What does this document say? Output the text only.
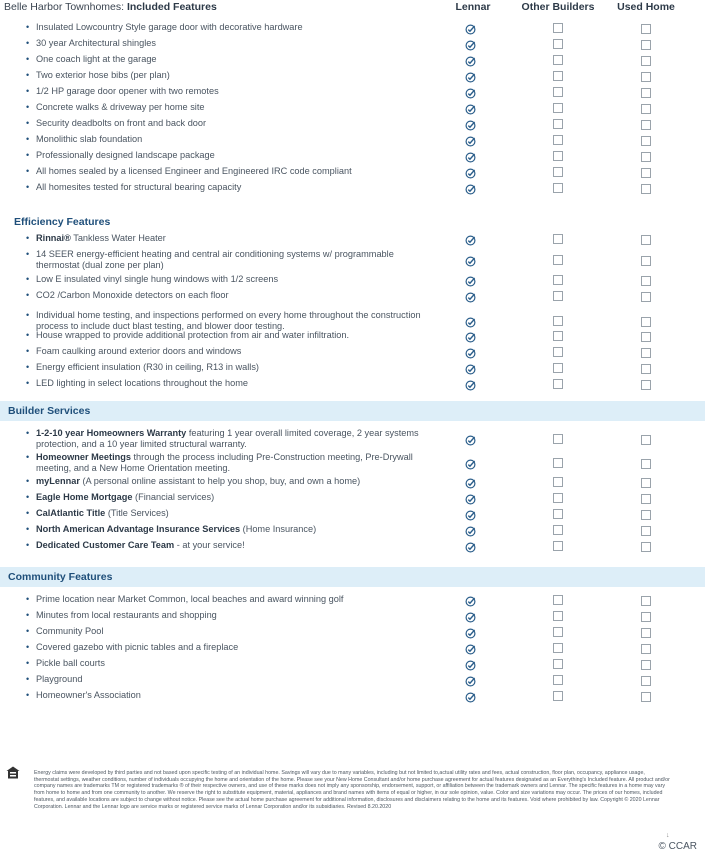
Belle Harbor Townhomes: Included Features	Lennar	Other Builders	Used Home
• Insulated Lowcountry Style garage door with decorative hardware
• 30 year Architectural shingles
• One coach light at the garage
• Two exterior hose bibs (per plan)
• 1/2 HP garage door opener with two remotes
• Concrete walks & driveway per home site
• Security deadbolts on front and back door
• Monolithic slab foundation
• Professionally designed landscape package
• All homes sealed by a licensed Engineer and Engineered IRC code compliant
• All homesites tested for structural bearing capacity
Efficiency Features
• Rinnai® Tankless Water Heater
• 14 SEER energy-efficient heating and central air conditioning systems w/ programmable thermostat (dual zone per plan)
• Low E insulated vinyl single hung windows with 1/2 screens
• CO2 /Carbon Monoxide detectors on each floor
• Individual home testing, and inspections performed on every home throughout the construction process to include duct blast testing, and blower door testing.
• House wrapped to provide additional protection from air and water infiltration.
• Foam caulking around exterior doors and windows
• Energy efficient insulation (R30 in ceiling, R13 in walls)
• LED lighting in select locations throughout the home
Builder Services
• 1-2-10 year Homeowners Warranty featuring 1 year overall limited coverage, 2 year systems protection, and a 10 year limited structural warranty.
• Homeowner Meetings through the process including Pre-Construction meeting, Pre-Drywall meeting, and a New Home Orientation meeting.
• myLennar (A personal online assistant to help you shop, buy, and own a home)
• Eagle Home Mortgage (Financial services)
• CalAtlantic Title (Title Services)
• North American Advantage Insurance Services (Home Insurance)
• Dedicated Customer Care Team - at your service!
Community Features
• Prime location near Market Common, local beaches and award winning golf
• Minutes from local restaurants and shopping
• Community Pool
• Covered gazebo with picnic tables and a fireplace
• Pickle ball courts
• Playground
• Homeowner's Association
Energy claims were developed by third parties and not based upon specific testing of an individual home. Savings will vary due to many variables, including but not limited to,actual utility rates and fees, actual construction, floor plan, occupancy, appliance usage, thermostat settings, weather conditions, number of individuals occupying the home and orientation of the home. Please see your New Home Consultant and/or home purchase agreement for actual features designated as an Everything's Included feature. All product and/or company names are trademarks TM or registered trademarks ® of their respective owners, and use of these marks does not imply any sponsorship, endorsement, support, or affiliation between the trademark owners and Lennar. The specific features in a home may vary from home to home and from one community to another. We reserve the right to substitute equipment, material, appliances and brand names with items of equal or higher, in our sole opinion, value. Color and size variations may occur. The prices of our homes, included features, and available locations are subject to change without notice. Please see the actual home purchase agreement for additional information, disclosures and disclaimers relating to the home and its features. Void where prohibited by law. Copyright © 2020 Lennar Corporation. Lennar and the Lennar logo are service marks or registered service marks of Lennar Corporation and/or its subsidiaries. Revised 8.20.2020
↓
© CCAR
